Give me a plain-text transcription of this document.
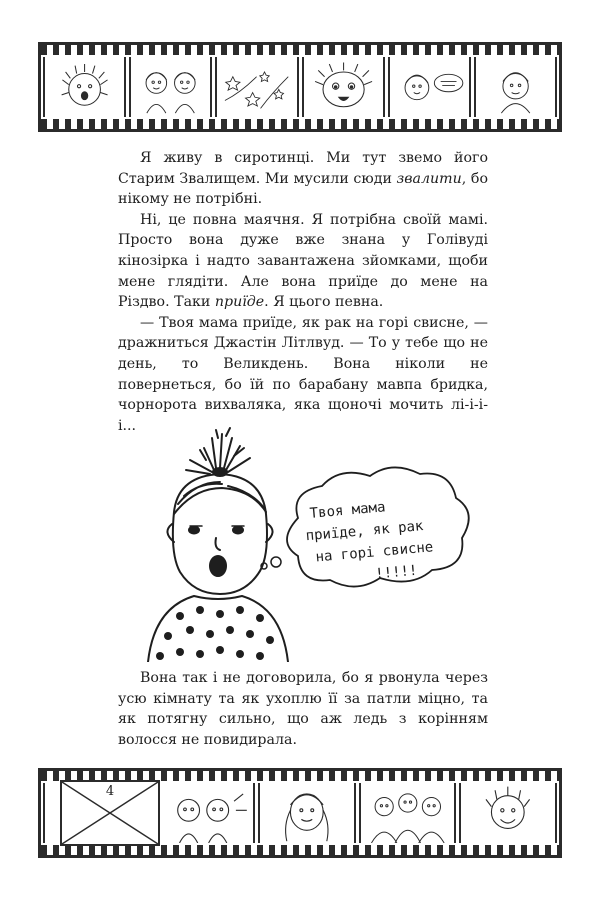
Я живу в сиротинці. Ми тут звемо його Старим Звалищем. Ми мусили сюди звалити, бо нікому не потрібні.

Ні, це повна маячня. Я потрібна своїй мамі. Просто вона дуже вже знана у Голівуді кінозірка і надто завантажена зйомками, щоби мене глядіти. Але вона приїде до мене на Різдво. Таки приїде. Я цього певна.

— Твоя мама приїде, як рак на горі свисне, — дражниться Джастін Літлвуд. — То у тебе що не день, то Великдень. Вона ніколи не повернеться, бо їй по барабану мавпа бридка, чорнорота вихваляка, яка щоночі мочить лі-і-і-і...

Твоя мама
приїде, як рак
на горі свисне
!!!!!

Вона так і не договорила, бо я рвонула через усю кімнату та як ухоплю її за патли міцно, та як потягну сильно, що аж ледь з корінням волосся не повидирала.

4
